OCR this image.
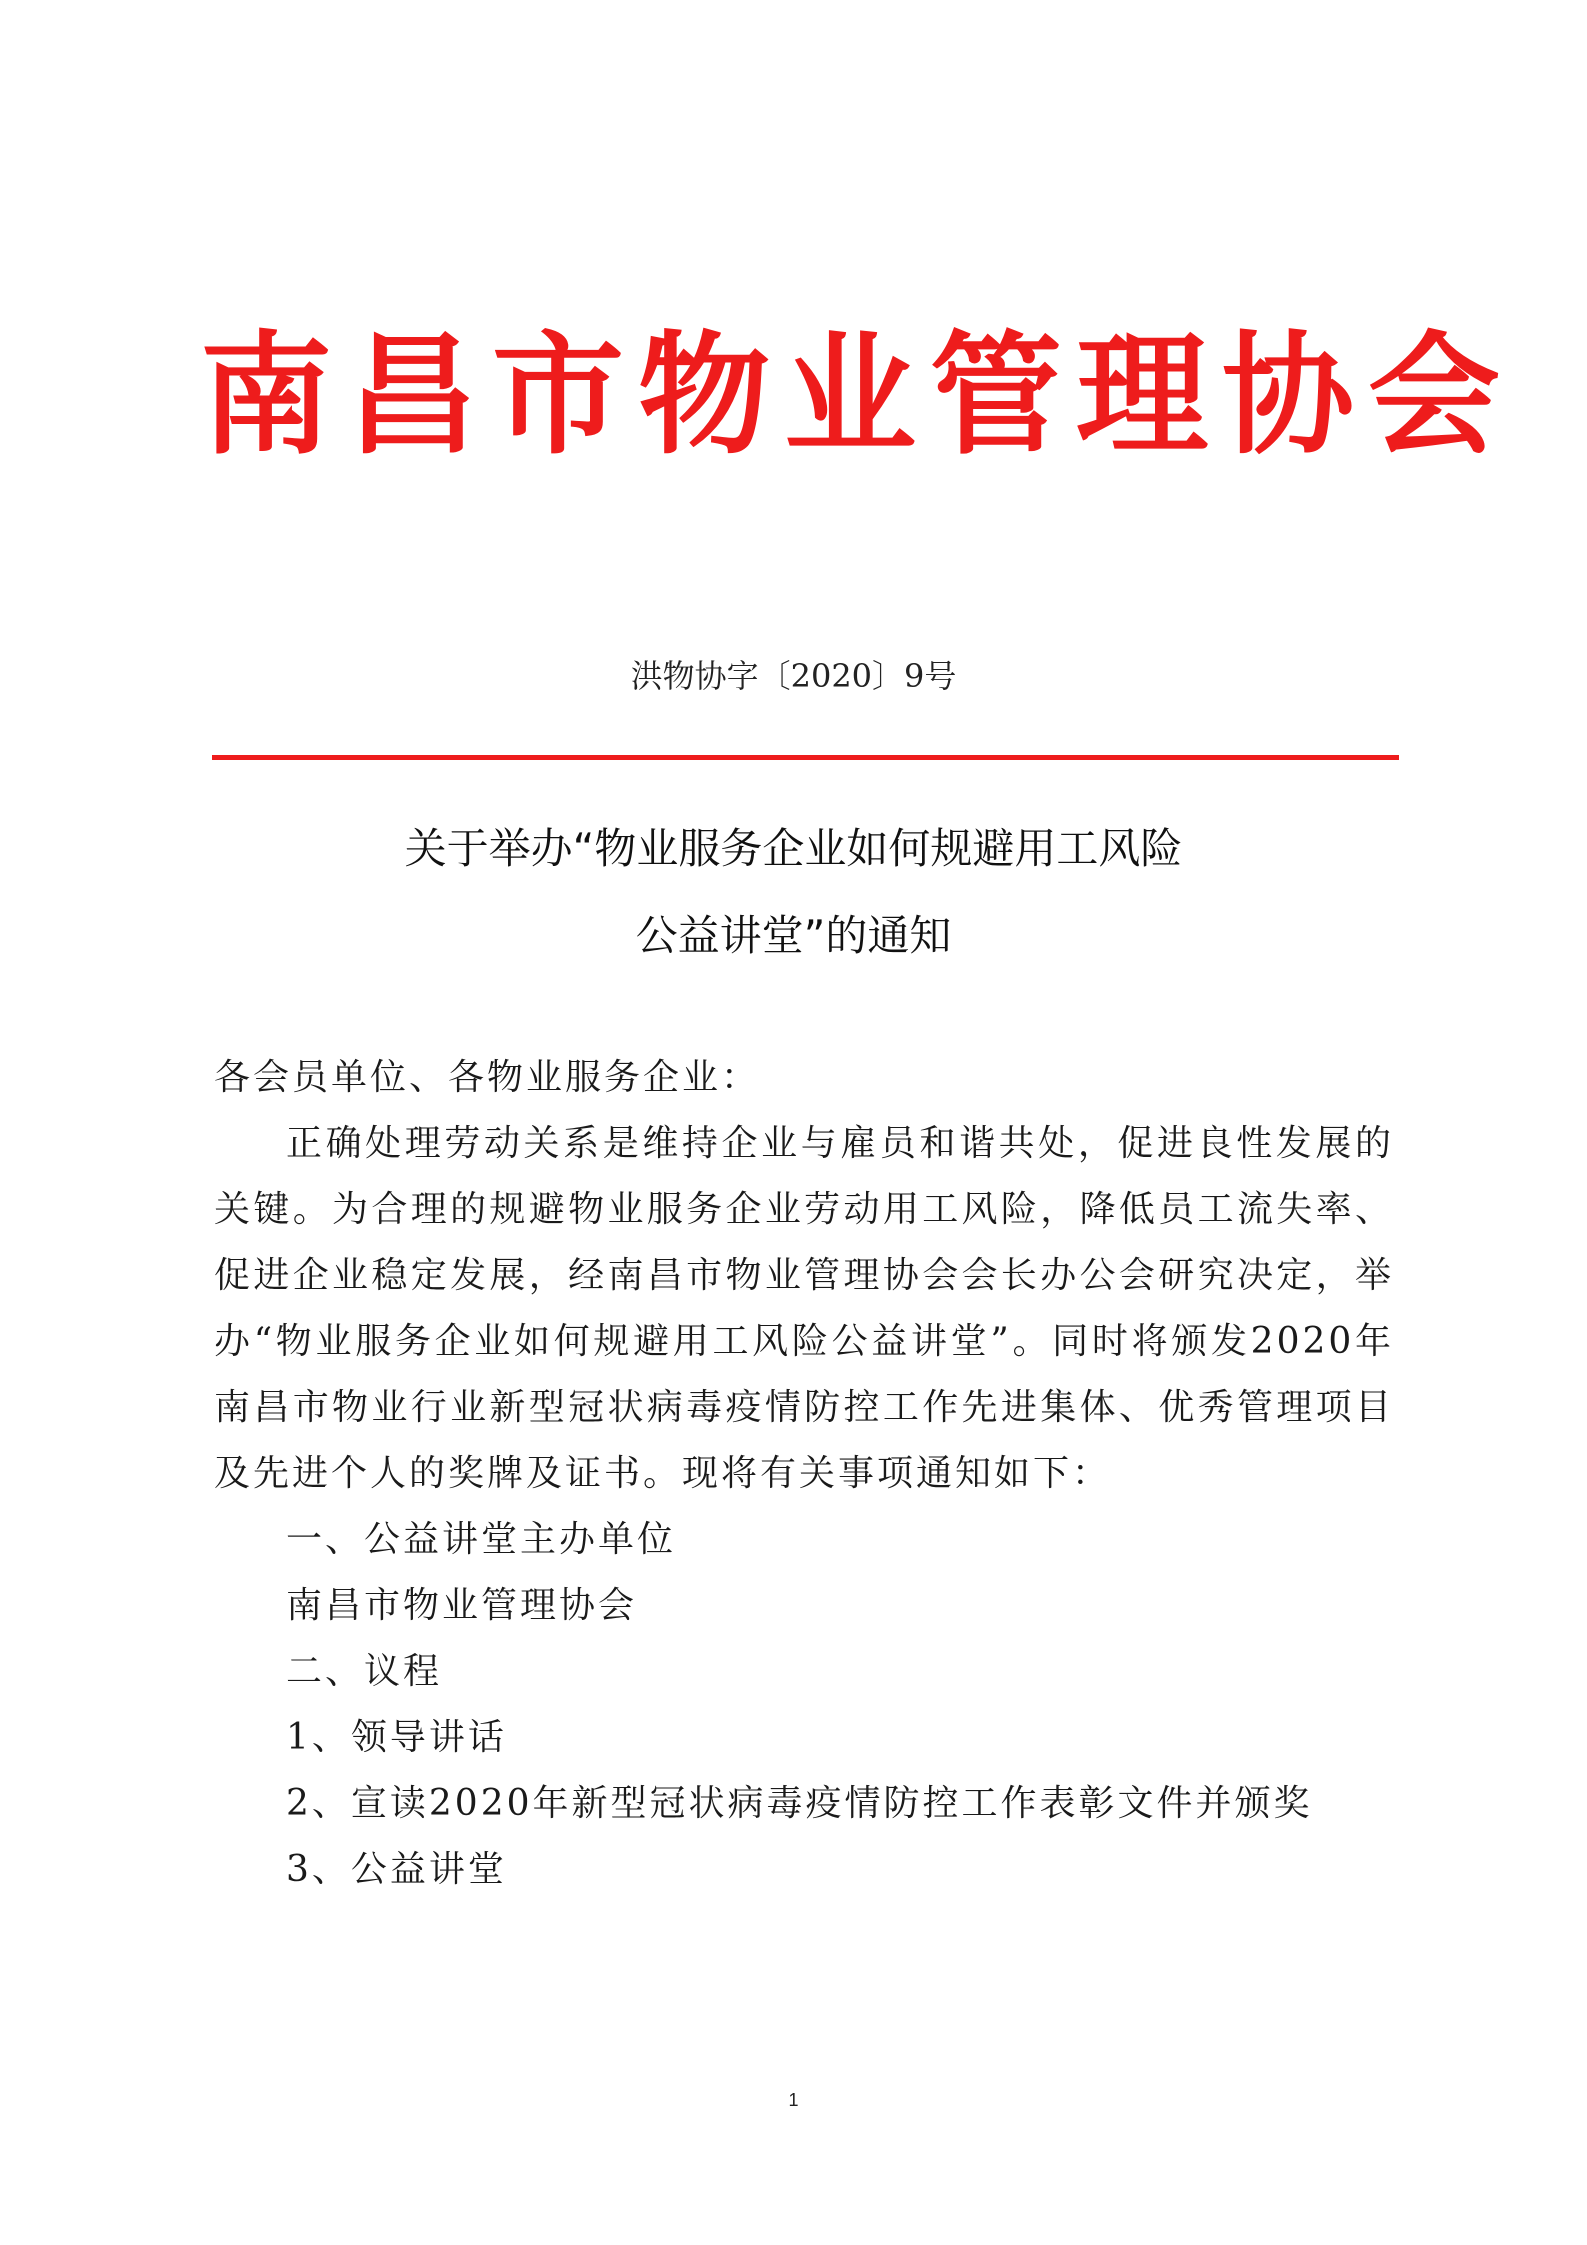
南昌市物业管理协会
洪物协字〔2020〕9号
关于举办“物业服务企业如何规避用工风险
公益讲堂”的通知

各会员单位、各物业服务企业：

正确处理劳动关系是维持企业与雇员和谐共处，促进良性发展的关键。为合理的规避物业服务企业劳动用工风险，降低员工流失率、促进企业稳定发展，经南昌市物业管理协会会长办公会研究决定，举办“物业服务企业如何规避用工风险公益讲堂”。同时将颁发2020年南昌市物业行业新型冠状病毒疫情防控工作先进集体、优秀管理项目及先进个人的奖牌及证书。现将有关事项通知如下：

一、公益讲堂主办单位

南昌市物业管理协会

二、议程

1、领导讲话

2、宣读2020年新型冠状病毒疫情防控工作表彰文件并颁奖

3、公益讲堂

1
